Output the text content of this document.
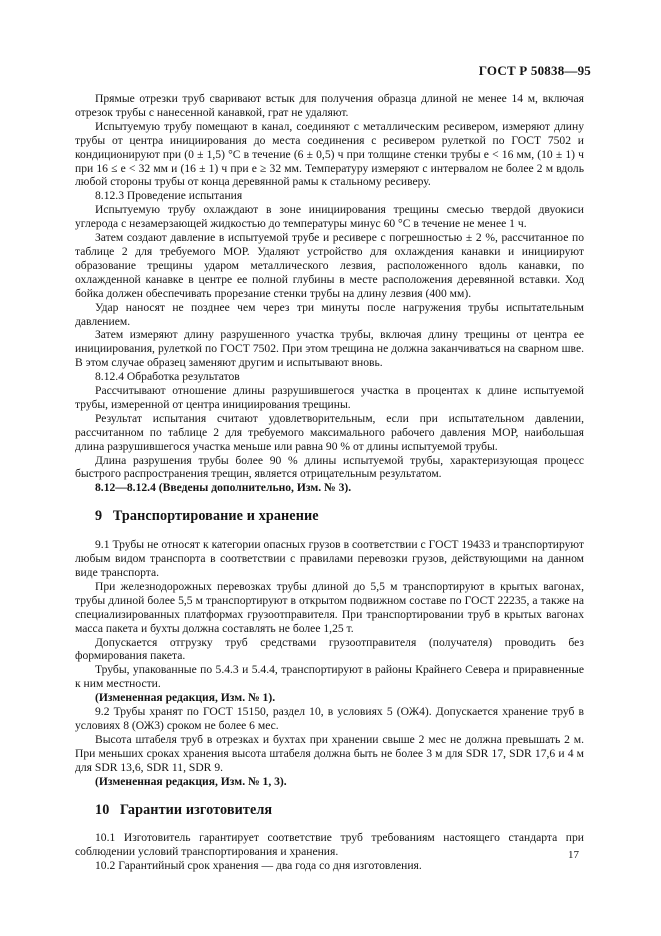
ГОСТ Р 50838—95

Прямые отрезки труб сваривают встык для получения образца длиной не менее 14 м, включая отрезок трубы с нанесенной канавкой, грат не удаляют.

Испытуемую трубу помещают в канал, соединяют с металлическим ресивером, измеряют длину трубы от центра инициирования до места соединения с ресивером рулеткой по ГОСТ 7502 и кондиционируют при (0 ± 1,5) °С в течение (6 ± 0,5) ч при толщине стенки трубы e < 16 мм, (10 ± 1) ч при 16 ≤ e < 32 мм и (16 ± 1) ч при e ≥ 32 мм. Температуру измеряют с интервалом не более 2 м вдоль любой стороны трубы от конца деревянной рамы к стальному ресиверу.

8.12.3 Проведение испытания

Испытуемую трубу охлаждают в зоне инициирования трещины смесью твердой двуокиси углерода с незамерзающей жидкостью до температуры минус 60 °С в течение не менее 1 ч.

Затем создают давление в испытуемой трубе и ресивере с погрешностью ± 2 %, рассчитанное по таблице 2 для требуемого МОР. Удаляют устройство для охлаждения канавки и инициируют образование трещины ударом металлического лезвия, расположенного вдоль канавки, по охлажденной канавке в центре ее полной глубины в месте расположения деревянной вставки. Ход бойка должен обеспечивать прорезание стенки трубы на длину лезвия (400 мм).

Удар наносят не позднее чем через три минуты после нагружения трубы испытательным давлением.

Затем измеряют длину разрушенного участка трубы, включая длину трещины от центра ее инициирования, рулеткой по ГОСТ 7502. При этом трещина не должна заканчиваться на сварном шве. В этом случае образец заменяют другим и испытывают вновь.

8.12.4 Обработка результатов

Рассчитывают отношение длины разрушившегося участка в процентах к длине испытуемой трубы, измеренной от центра инициирования трещины.

Результат испытания считают удовлетворительным, если при испытательном давлении, рассчитанном по таблице 2 для требуемого максимального рабочего давления МОР, наибольшая длина разрушившегося участка меньше или равна 90 % от длины испытуемой трубы.

Длина разрушения трубы более 90 % длины испытуемой трубы, характеризующая процесс быстрого распространения трещин, является отрицательным результатом.

8.12—8.12.4 (Введены дополнительно, Изм. № 3).

9 Транспортирование и хранение

9.1 Трубы не относят к категории опасных грузов в соответствии с ГОСТ 19433 и транспортируют любым видом транспорта в соответствии с правилами перевозки грузов, действующими на данном виде транспорта.

При железнодорожных перевозках трубы длиной до 5,5 м транспортируют в крытых вагонах, трубы длиной более 5,5 м транспортируют в открытом подвижном составе по ГОСТ 22235, а также на специализированных платформах грузоотправителя. При транспортировании труб в крытых вагонах масса пакета и бухты должна составлять не более 1,25 т.

Допускается отгрузку труб средствами грузоотправителя (получателя) проводить без формирования пакета.

Трубы, упакованные по 5.4.3 и 5.4.4, транспортируют в районы Крайнего Севера и приравненные к ним местности.

(Измененная редакция, Изм. № 1).

9.2 Трубы хранят по ГОСТ 15150, раздел 10, в условиях 5 (ОЖ4). Допускается хранение труб в условиях 8 (ОЖ3) сроком не более 6 мес.

Высота штабеля труб в отрезках и бухтах при хранении свыше 2 мес не должна превышать 2 м. При меньших сроках хранения высота штабеля должна быть не более 3 м для SDR 17, SDR 17,6 и 4 м для SDR 13,6, SDR 11, SDR 9.

(Измененная редакция, Изм. № 1, 3).

10 Гарантии изготовителя

10.1 Изготовитель гарантирует соответствие труб требованиям настоящего стандарта при соблюдении условий транспортирования и хранения.

10.2 Гарантийный срок хранения — два года со дня изготовления.

17
